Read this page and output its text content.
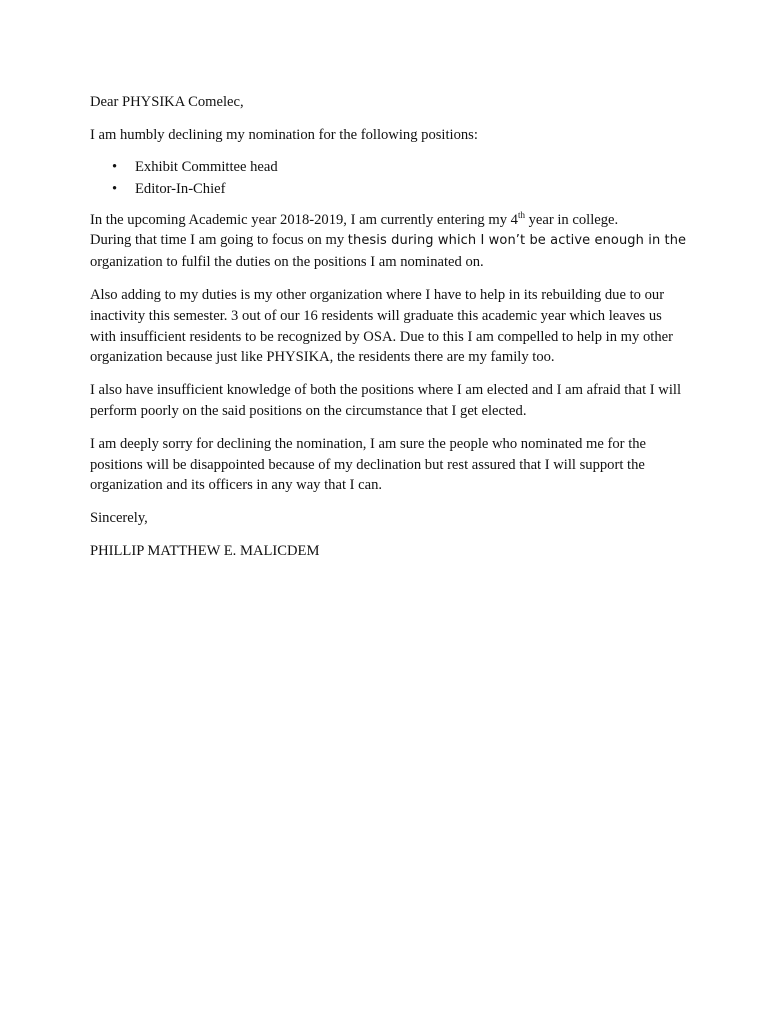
Dear PHYSIKA Comelec,

I am humbly declining my nomination for the following positions:

• Exhibit Committee head
• Editor-In-Chief

In the upcoming Academic year 2018-2019, I am currently entering my 4th year in college.
During that time I am going to focus on my thesis during which I won’t be active enough in the
organization to fulfil the duties on the positions I am nominated on.

Also adding to my duties is my other organization where I have to help in its rebuilding due to our inactivity this semester. 3 out of our 16 residents will graduate this academic year which leaves us with insufficient residents to be recognized by OSA. Due to this I am compelled to help in my other organization because just like PHYSIKA, the residents there are my family too.

I also have insufficient knowledge of both the positions where I am elected and I am afraid that I will perform poorly on the said positions on the circumstance that I get elected.

I am deeply sorry for declining the nomination, I am sure the people who nominated me for the positions will be disappointed because of my declination but rest assured that I will support the organization and its officers in any way that I can.

Sincerely,

PHILLIP MATTHEW E. MALICDEM
